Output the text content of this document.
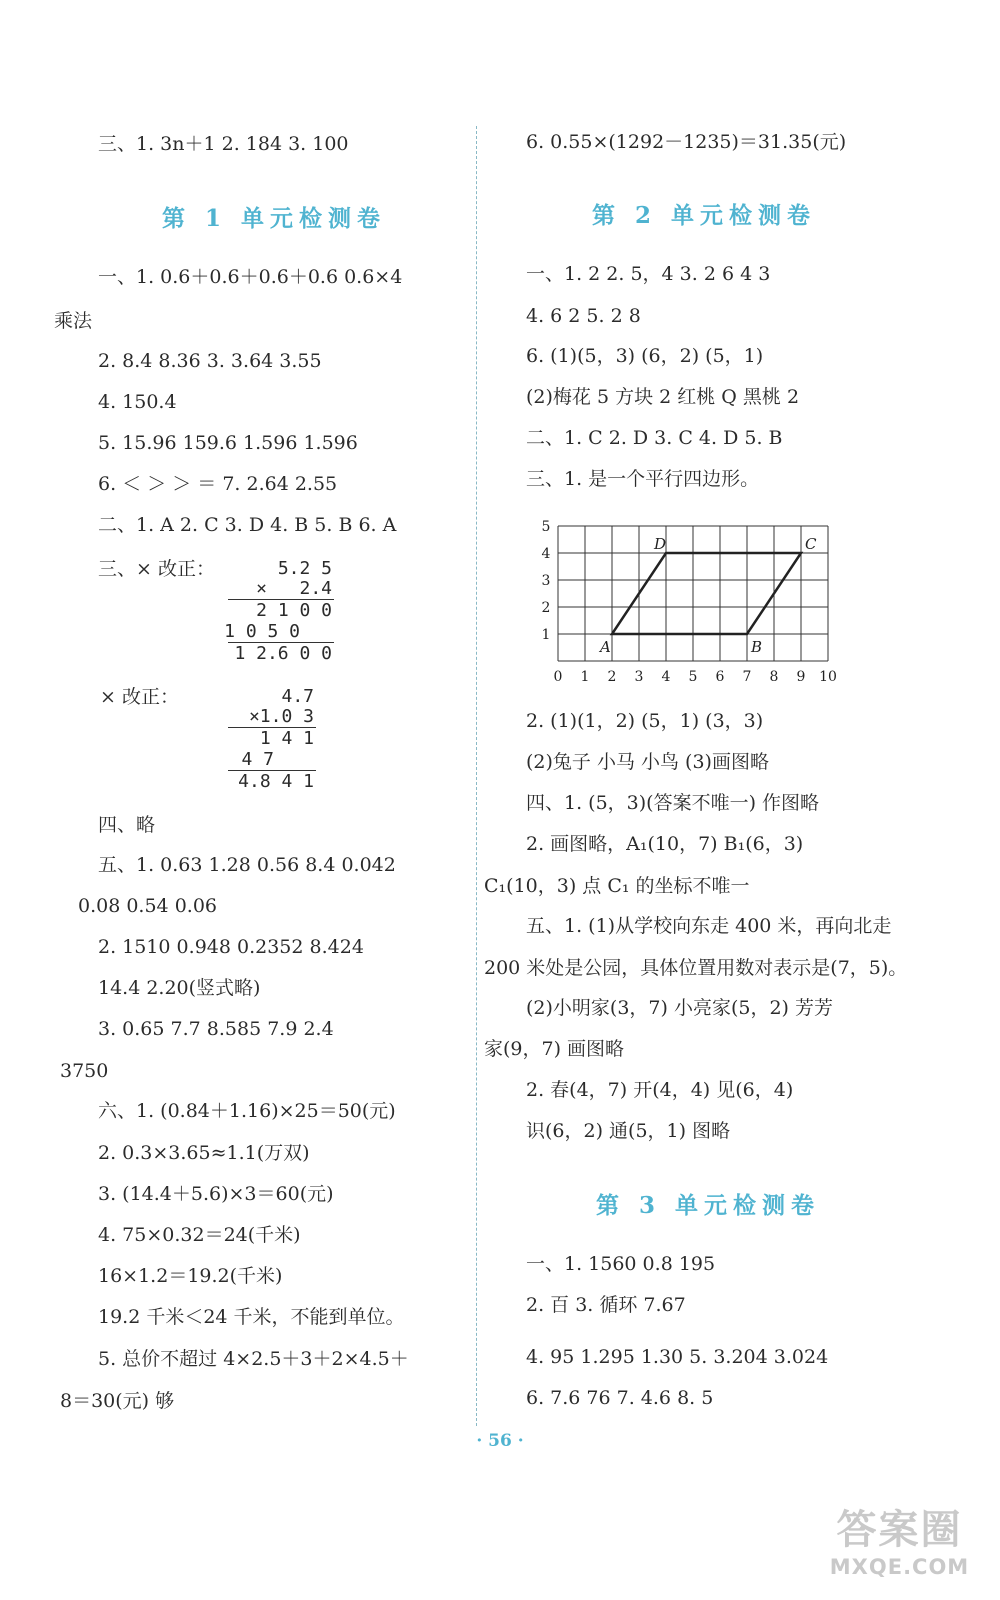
三、1. 3n＋1 2. 184 3. 100
第 1 单元检测卷
一、1. 0.6＋0.6＋0.6＋0.6 0.6×4
乘法
2. 8.4 8.36 3. 3.64 3.55
4. 150.4
5. 15.96 159.6 1.596 1.596
6. ＜ ＞ ＞ ＝ 7. 2.64 2.55
二、1. A 2. C 3. D 4. B 5. B 6. A
三、× 改正：	5.2 5
×   2.4
2 1 0 0
1 0 5 0
1 2.6 0 0
× 改正：	4.7
×1.0 3
1 4 1
4 7
4.8 4 1
四、略
五、1. 0.63 1.28 0.56 8.4 0.042
0.08 0.54 0.06
2. 1510 0.948 0.2352 8.424
14.4 2.20(竖式略)
3. 0.65 7.7 8.585 7.9 2.4
3750
六、1. (0.84＋1.16)×25＝50(元)
2. 0.3×3.65≈1.1(万双)
3. (14.4＋5.6)×3＝60(元)
4. 75×0.32＝24(千米)
16×1.2＝19.2(千米)
19.2 千米＜24 千米，不能到单位。
5. 总价不超过 4×2.5＋3＋2×4.5＋
8＝30(元) 够
6. 0.55×(1292－1235)＝31.35(元)
第 2 单元检测卷
一、1. 2 2. 5，4 3. 2 6 4 3
4. 6 2 5. 2 8
6. (1)(5，3) (6，2) (5，1)
(2)梅花 5 方块 2 红桃 Q 黑桃 2
二、1. C 2. D 3. C 4. D 5. B
三、1. 是一个平行四边形。
0 1 2 3 4 5 6 7 8 9 10
1
2
3
4
5
A	B
C
D
2. (1)(1，2) (5，1) (3，3)
(2)兔子 小马 小鸟 (3)画图略
四、1. (5，3)(答案不唯一) 作图略
2. 画图略，A₁(10，7) B₁(6，3)
C₁(10，3) 点 C₁ 的坐标不唯一
五、1. (1)从学校向东走 400 米，再向北走
200 米处是公园，具体位置用数对表示是(7，5)。
(2)小明家(3，7) 小亮家(5，2) 芳芳
家(9，7) 画图略
2. 春(4，7) 开(4，4) 见(6，4)
识(6，2) 通(5，1) 图略
第 3 单元检测卷
一、1. 1560 0.8 195
2. 百 3. 循环 7.67
4. 95 1.295 1.30 5. 3.204 3.024
6. 7.6 76 7. 4.6 8. 5
· 56 ·
答案圈
MXQE.COM
